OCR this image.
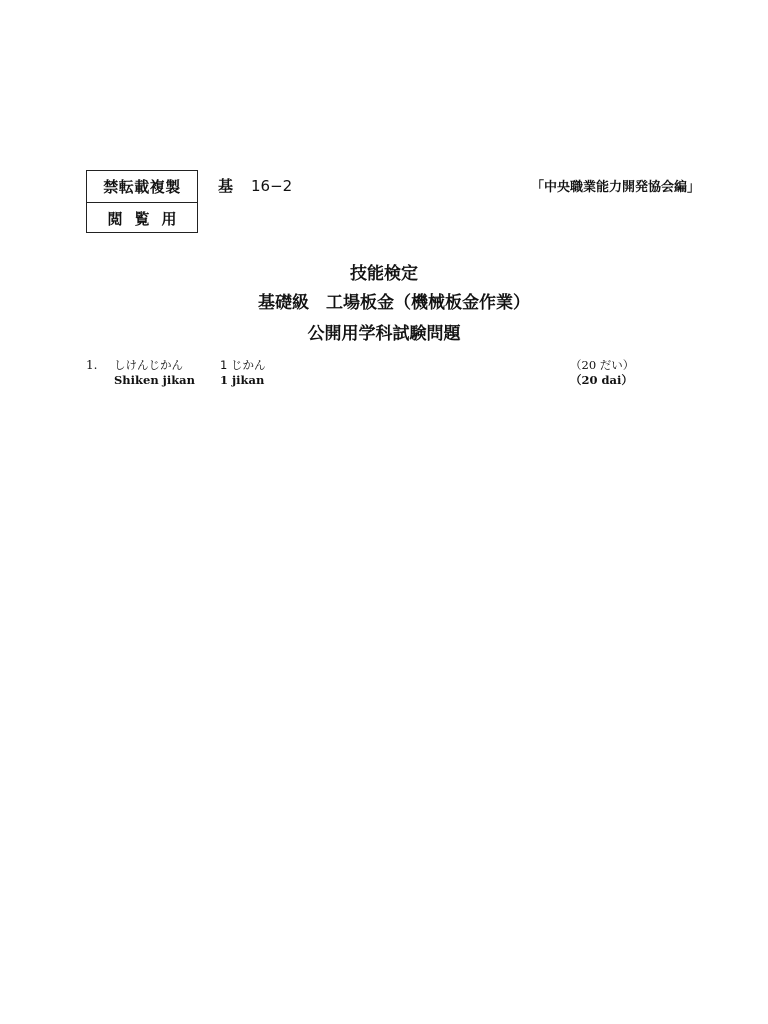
禁転載複製
閲覧用
基 16−2	「中央職業能力開発協会編」
技能検定
基礎級　工場板金（機械板金作業）
公開用学科試験問題
1. しけんじかん
Shiken jikan
1 じかん
1 jikan
（20 だい）
（20 dai）
